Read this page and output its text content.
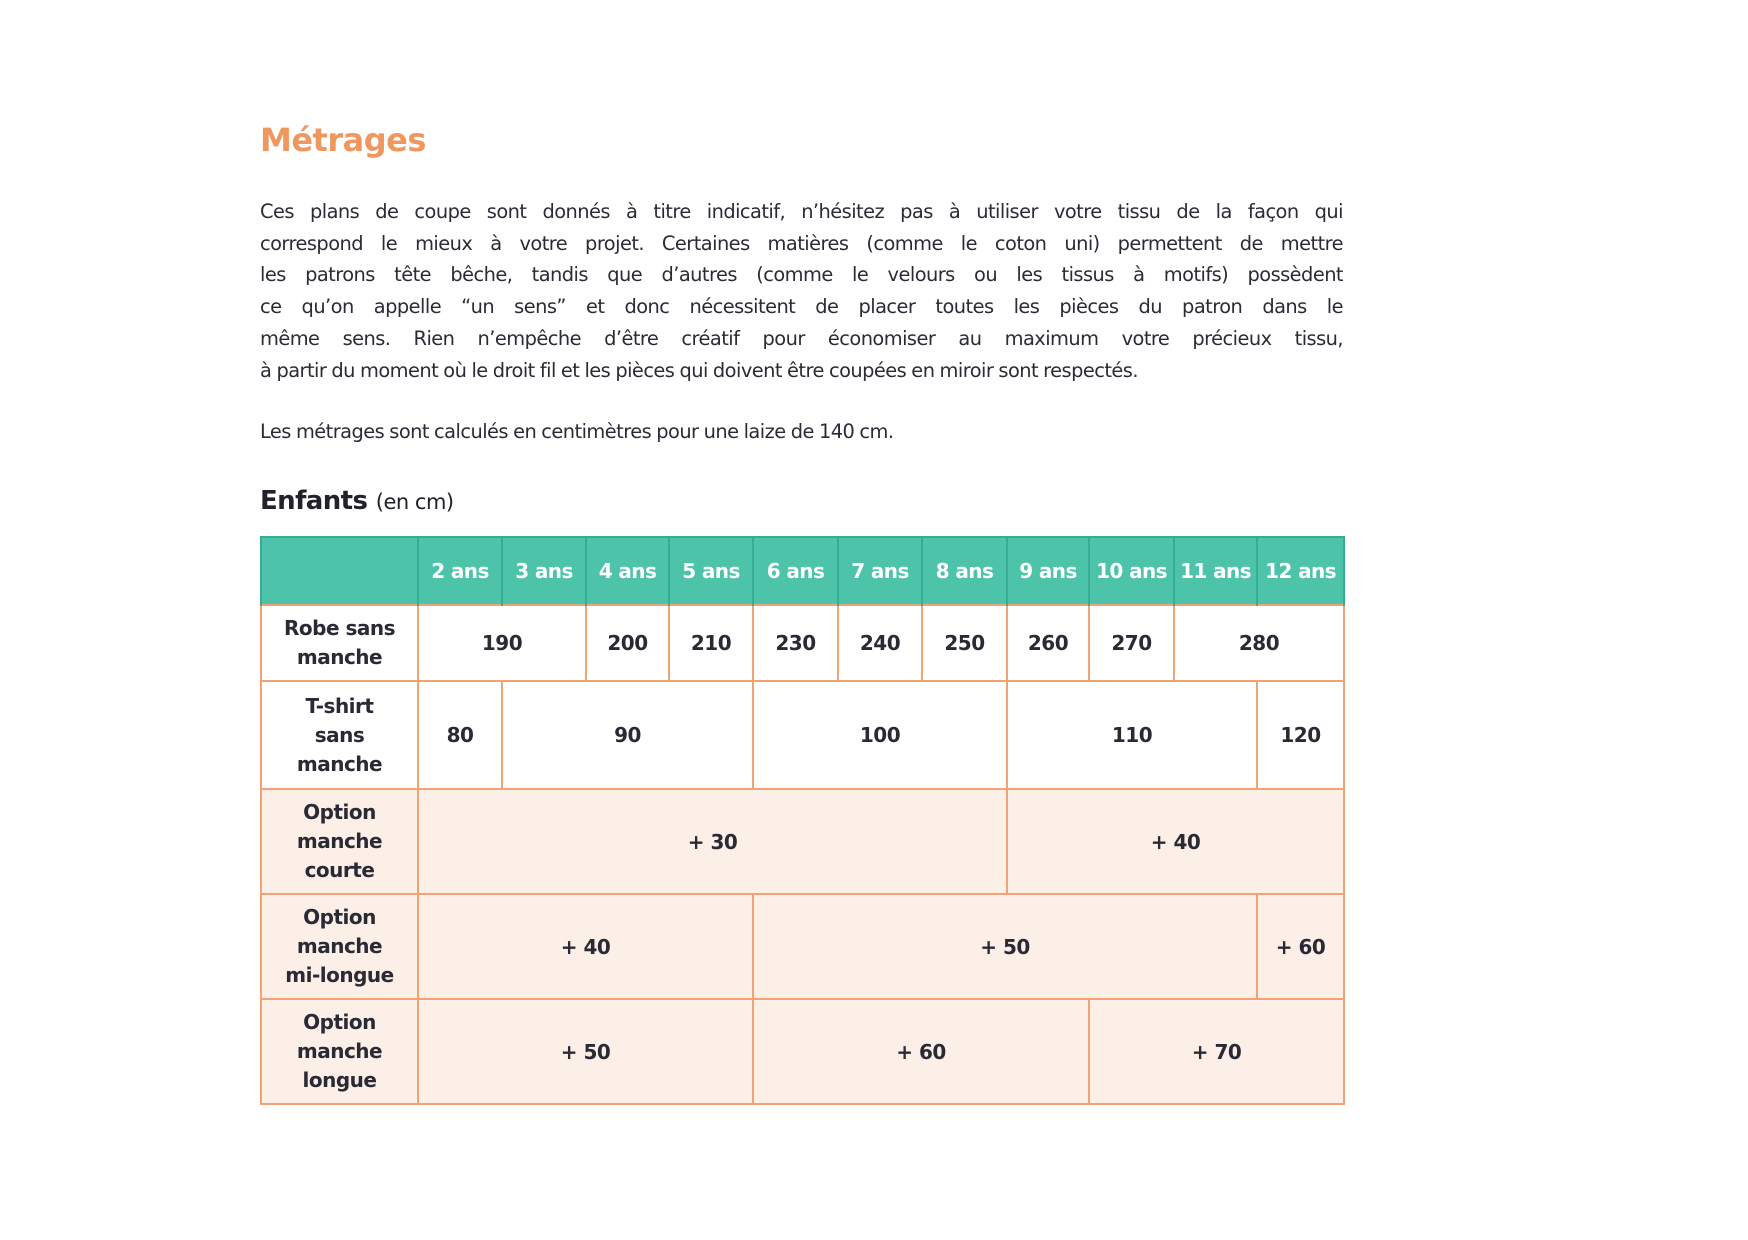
Métrages

Ces plans de coupe sont donnés à titre indicatif, n’hésitez pas à utiliser votre tissu de la façon qui
correspond le mieux à votre projet. Certaines matières (comme le coton uni) permettent de mettre
les patrons tête bêche, tandis que d’autres (comme le velours ou les tissus à motifs) possèdent
ce qu’on appelle “un sens” et donc nécessitent de placer toutes les pièces du patron dans le
même sens. Rien n’empêche d’être créatif pour économiser au maximum votre précieux tissu,
à partir du moment où le droit fil et les pièces qui doivent être coupées en miroir sont respectés.

Les métrages sont calculés en centimètres pour une laize de 140 cm.

Enfants (en cm)
	2 ans	3 ans	4 ans	5 ans	6 ans	7 ans	8 ans	9 ans	10 ans	11 ans	12 ans

Robe sans
manche	190		200	210	230	240	250	260	270	280	

T-shirt
sans
manche	80	90			100			110			120

Option
manche
courte	+ 30							+ 40			

Option
manche
mi-longue	+ 40				+ 50						+ 60

Option
manche
longue	+ 50				+ 60				+ 70		
